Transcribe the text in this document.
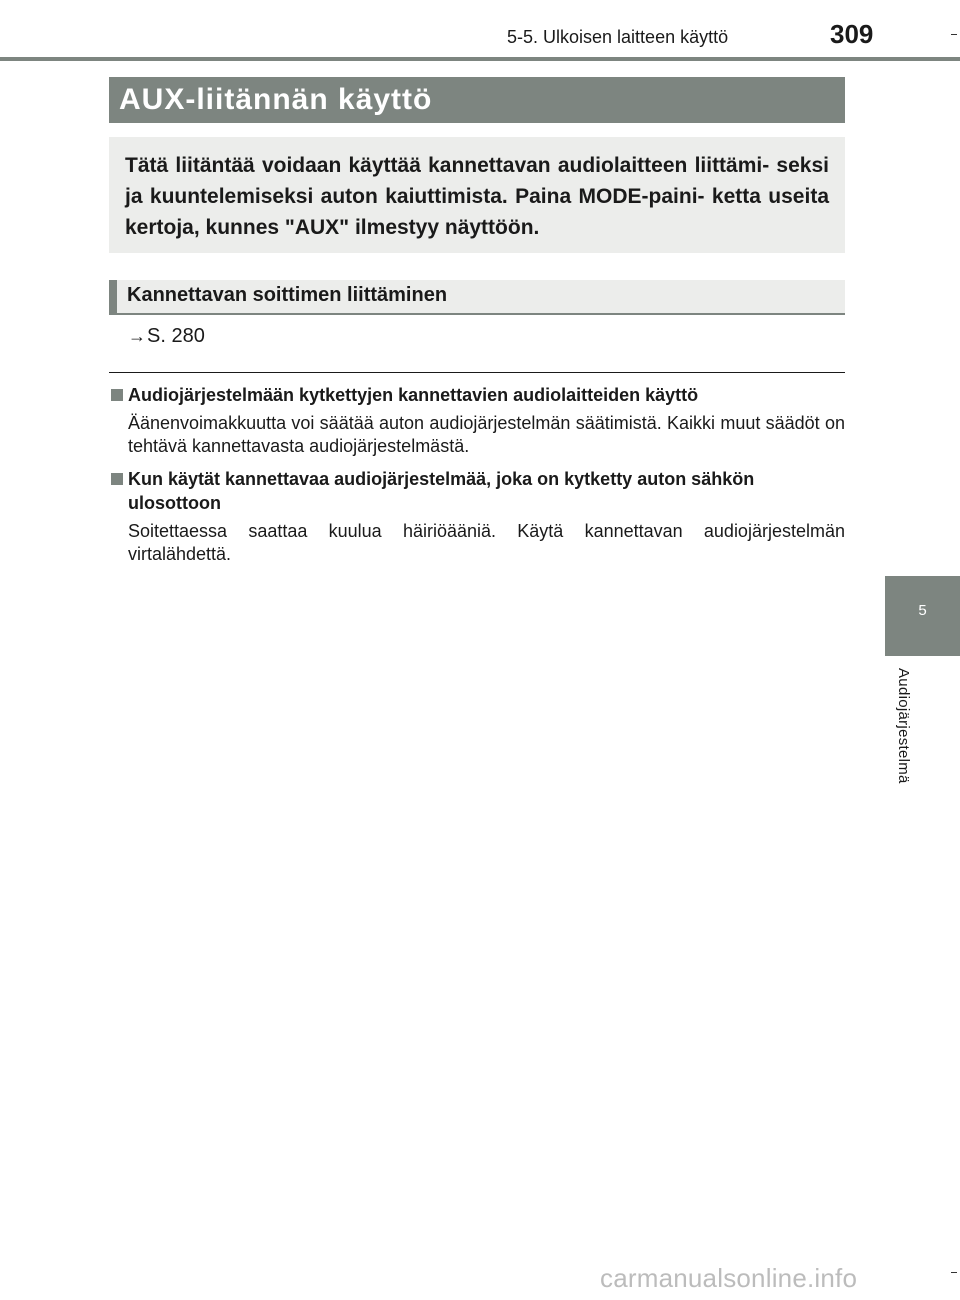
5-5. Ulkoisen laitteen käyttö	309
5
Audiojärjestelmä
AUX-liitännän käyttö

Tätä liitäntää voidaan käyttää kannettavan audiolaitteen liittämi- seksi ja kuuntelemiseksi auton kaiuttimista. Paina MODE-paini- ketta useita kertoja, kunnes "AUX" ilmestyy näyttöön.

Kannettavan soittimen liittäminen
→S. 280
Audiojärjestelmään kytkettyjen kannettavien audiolaitteiden käyttö

Äänenvoimakkuutta voi säätää auton audiojärjestelmän säätimistä. Kaikki muut säädöt on tehtävä kannettavasta audiojärjestelmästä.

Kun käytät kannettavaa audiojärjestelmää, joka on kytketty auton sähkön ulosottoon

Soitettaessa saattaa kuulua häiriöääniä. Käytä kannettavan audiojärjestelmän virtalähdettä.

carmanualsonline.info
